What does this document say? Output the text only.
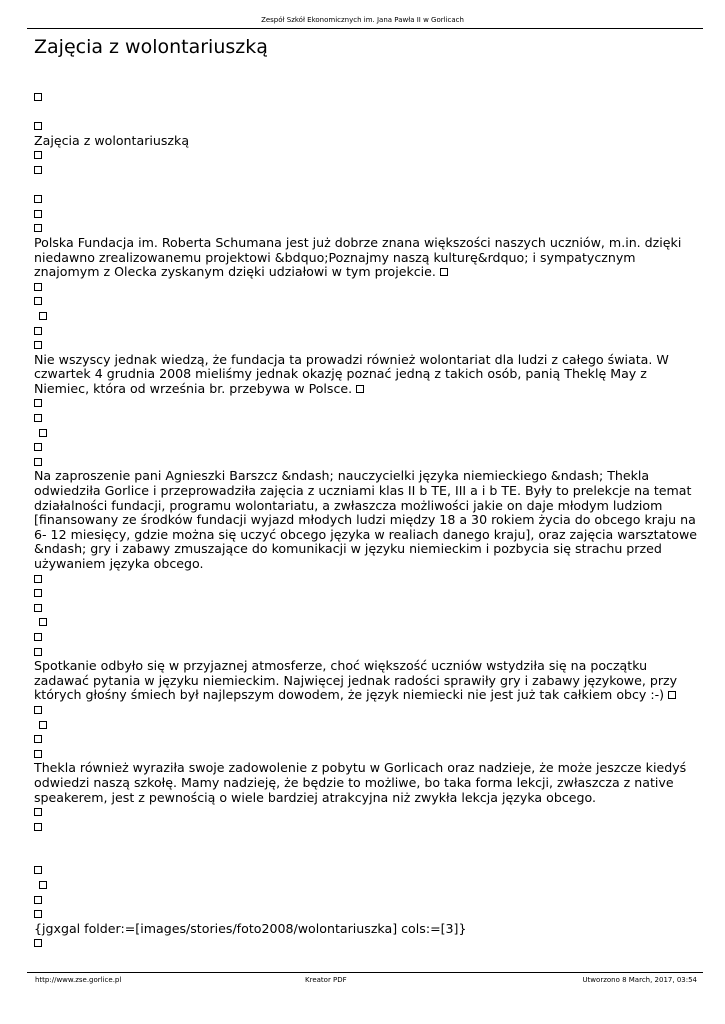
Zespół Szkół Ekonomicznych im. Jana Pawła II w Gorlicach
Zajęcia z wolontariuszką
Zajęcia z wolontariuszką
Polska Fundacja im. Roberta Schumana jest już dobrze znana większości naszych uczniów, m.in. dzięki
niedawno zrealizowanemu projektowi &bdquo;Poznajmy naszą kulturę&rdquo; i sympatycznym
znajomym z Olecka zyskanym dzięki udziałowi w tym projekcie.
Nie wszyscy jednak wiedzą, że fundacja ta prowadzi również wolontariat dla ludzi z całego świata. W
czwartek 4 grudnia 2008 mieliśmy jednak okazję poznać jedną z takich osób, panią Theklę May z
Niemiec, która od września br. przebywa w Polsce.
Na zaproszenie pani Agnieszki Barszcz &ndash; nauczycielki języka niemieckiego &ndash; Thekla
odwiedziła Gorlice i przeprowadziła zajęcia z uczniami klas II b TE, III a i b TE. Były to prelekcje na temat
działalności fundacji, programu wolontariatu, a zwłaszcza możliwości jakie on daje młodym ludziom
[finansowany ze środków fundacji wyjazd młodych ludzi między 18 a 30 rokiem życia do obcego kraju na
6- 12 miesięcy, gdzie można się uczyć obcego języka w realiach danego kraju], oraz zajęcia warsztatowe
&ndash; gry i zabawy zmuszające do komunikacji w języku niemieckim i pozbycia się strachu przed
używaniem języka obcego.
Spotkanie odbyło się w przyjaznej atmosferze, choć większość uczniów wstydziła się na początku
zadawać pytania w języku niemieckim. Najwięcej jednak radości sprawiły gry i zabawy językowe, przy
których głośny śmiech był najlepszym dowodem, że język niemiecki nie jest już tak całkiem obcy :-)
Thekla również wyraziła swoje zadowolenie z pobytu w Gorlicach oraz nadzieje, że może jeszcze kiedyś
odwiedzi naszą szkołę. Mamy nadzieję, że będzie to możliwe, bo taka forma lekcji, zwłaszcza z native
speakerem, jest z pewnością o wiele bardziej atrakcyjna niż zwykła lekcja języka obcego.
{jgxgal folder:=[images/stories/foto2008/wolontariuszka] cols:=[3]}
http://www.zse.gorlice.pl	Kreator PDF	Utworzono 8 March, 2017, 03:54
